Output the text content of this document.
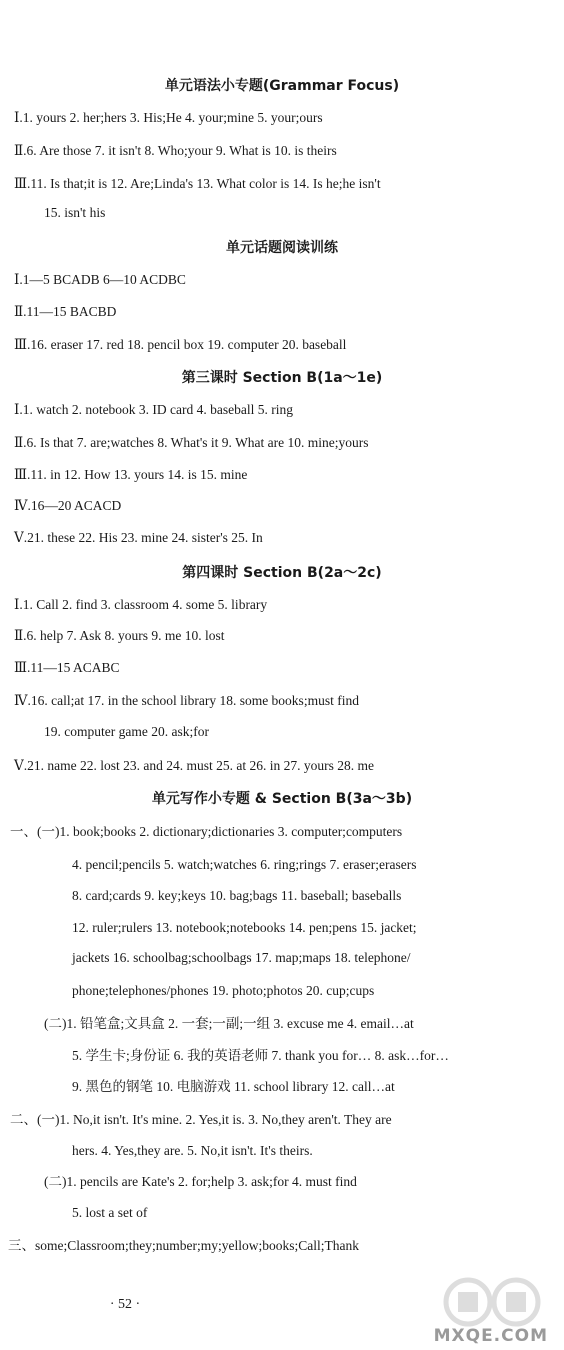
单元语法小专题(Grammar Focus)
Ⅰ.1. yours 2. her;hers 3. His;He 4. your;mine 5. your;ours
Ⅱ.6. Are those 7. it isn't 8. Who;your 9. What is 10. is theirs
Ⅲ.11. Is that;it is 12. Are;Linda's 13. What color is 14. Is he;he isn't
15. isn't his
单元话题阅读训练
Ⅰ.1—5 BCADB 6—10 ACDBC
Ⅱ.11—15 BACBD
Ⅲ.16. eraser 17. red 18. pencil box 19. computer 20. baseball
第三课时 Section B(1a～1e)
Ⅰ.1. watch 2. notebook 3. ID card 4. baseball 5. ring
Ⅱ.6. Is that 7. are;watches 8. What's it 9. What are 10. mine;yours
Ⅲ.11. in 12. How 13. yours 14. is 15. mine
Ⅳ.16—20 ACACD
Ⅴ.21. these 22. His 23. mine 24. sister's 25. In
第四课时 Section B(2a～2c)
Ⅰ.1. Call 2. find 3. classroom 4. some 5. library
Ⅱ.6. help 7. Ask 8. yours 9. me 10. lost
Ⅲ.11—15 ACABC
Ⅳ.16. call;at 17. in the school library 18. some books;must find
19. computer game 20. ask;for
Ⅴ.21. name 22. lost 23. and 24. must 25. at 26. in 27. yours 28. me
单元写作小专题 & Section B(3a～3b)
一、(一)1. book;books 2. dictionary;dictionaries 3. computer;computers
4. pencil;pencils 5. watch;watches 6. ring;rings 7. eraser;erasers
8. card;cards 9. key;keys 10. bag;bags 11. baseball; baseballs
12. ruler;rulers 13. notebook;notebooks 14. pen;pens 15. jacket;
jackets 16. schoolbag;schoolbags 17. map;maps 18. telephone/
phone;telephones/phones 19. photo;photos 20. cup;cups
(二)1. 铅笔盒;文具盒 2. 一套;一副;一组 3. excuse me 4. email…at
5. 学生卡;身份证 6. 我的英语老师 7. thank you for… 8. ask…for…
9. 黑色的钢笔 10. 电脑游戏 11. school library 12. call…at
二、(一)1. No,it isn't. It's mine. 2. Yes,it is. 3. No,they aren't. They are
hers. 4. Yes,they are. 5. No,it isn't. It's theirs.
(二)1. pencils are Kate's 2. for;help 3. ask;for 4. must find
5. lost a set of
三、some;Classroom;they;number;my;yellow;books;Call;Thank
· 52 ·
MXQE.COM
